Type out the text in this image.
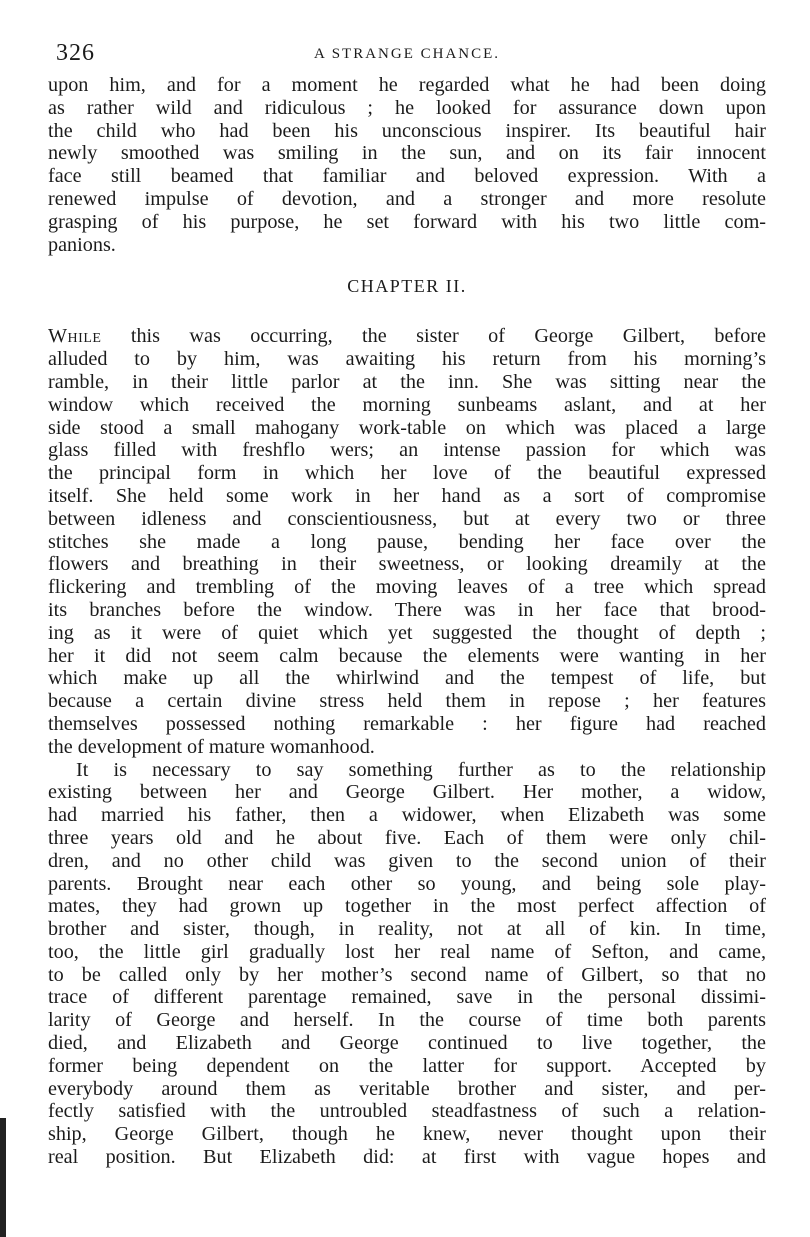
326	A STRANGE CHANCE.
upon him, and for a moment he regarded what he had been doing
as rather wild and ridiculous ; he looked for assurance down upon
the child who had been his unconscious inspirer. Its beautiful hair
newly smoothed was smiling in the sun, and on its fair innocent
face still beamed that familiar and beloved expression. With a
renewed impulse of devotion, and a stronger and more resolute
grasping of his purpose, he set forward with his two little com-
panions.
CHAPTER II.
While this was occurring, the sister of George Gilbert, before
alluded to by him, was awaiting his return from his morning’s
ramble, in their little parlor at the inn. She was sitting near the
window which received the morning sunbeams aslant, and at her
side stood a small mahogany work-table on which was placed a large
glass filled with freshflo wers; an intense passion for which was
the principal form in which her love of the beautiful expressed
itself. She held some work in her hand as a sort of compromise
between idleness and conscientiousness, but at every two or three
stitches she made a long pause, bending her face over the
flowers and breathing in their sweetness, or looking dreamily at the
flickering and trembling of the moving leaves of a tree which spread
its branches before the window. There was in her face that brood-
ing as it were of quiet which yet suggested the thought of depth ;
her it did not seem calm because the elements were wanting in her
which make up all the whirlwind and the tempest of life, but
because a certain divine stress held them in repose ; her features
themselves possessed nothing remarkable : her figure had reached
the development of mature womanhood.
It is necessary to say something further as to the relationship
existing between her and George Gilbert. Her mother, a widow,
had married his father, then a widower, when Elizabeth was some
three years old and he about five. Each of them were only chil-
dren, and no other child was given to the second union of their
parents. Brought near each other so young, and being sole play-
mates, they had grown up together in the most perfect affection of
brother and sister, though, in reality, not at all of kin. In time,
too, the little girl gradually lost her real name of Sefton, and came,
to be called only by her mother’s second name of Gilbert, so that no
trace of different parentage remained, save in the personal dissimi-
larity of George and herself. In the course of time both parents
died, and Elizabeth and George continued to live together, the
former being dependent on the latter for support. Accepted by
everybody around them as veritable brother and sister, and per-
fectly satisfied with the untroubled steadfastness of such a relation-
ship, George Gilbert, though he knew, never thought upon their
real position. But Elizabeth did: at first with vague hopes and
